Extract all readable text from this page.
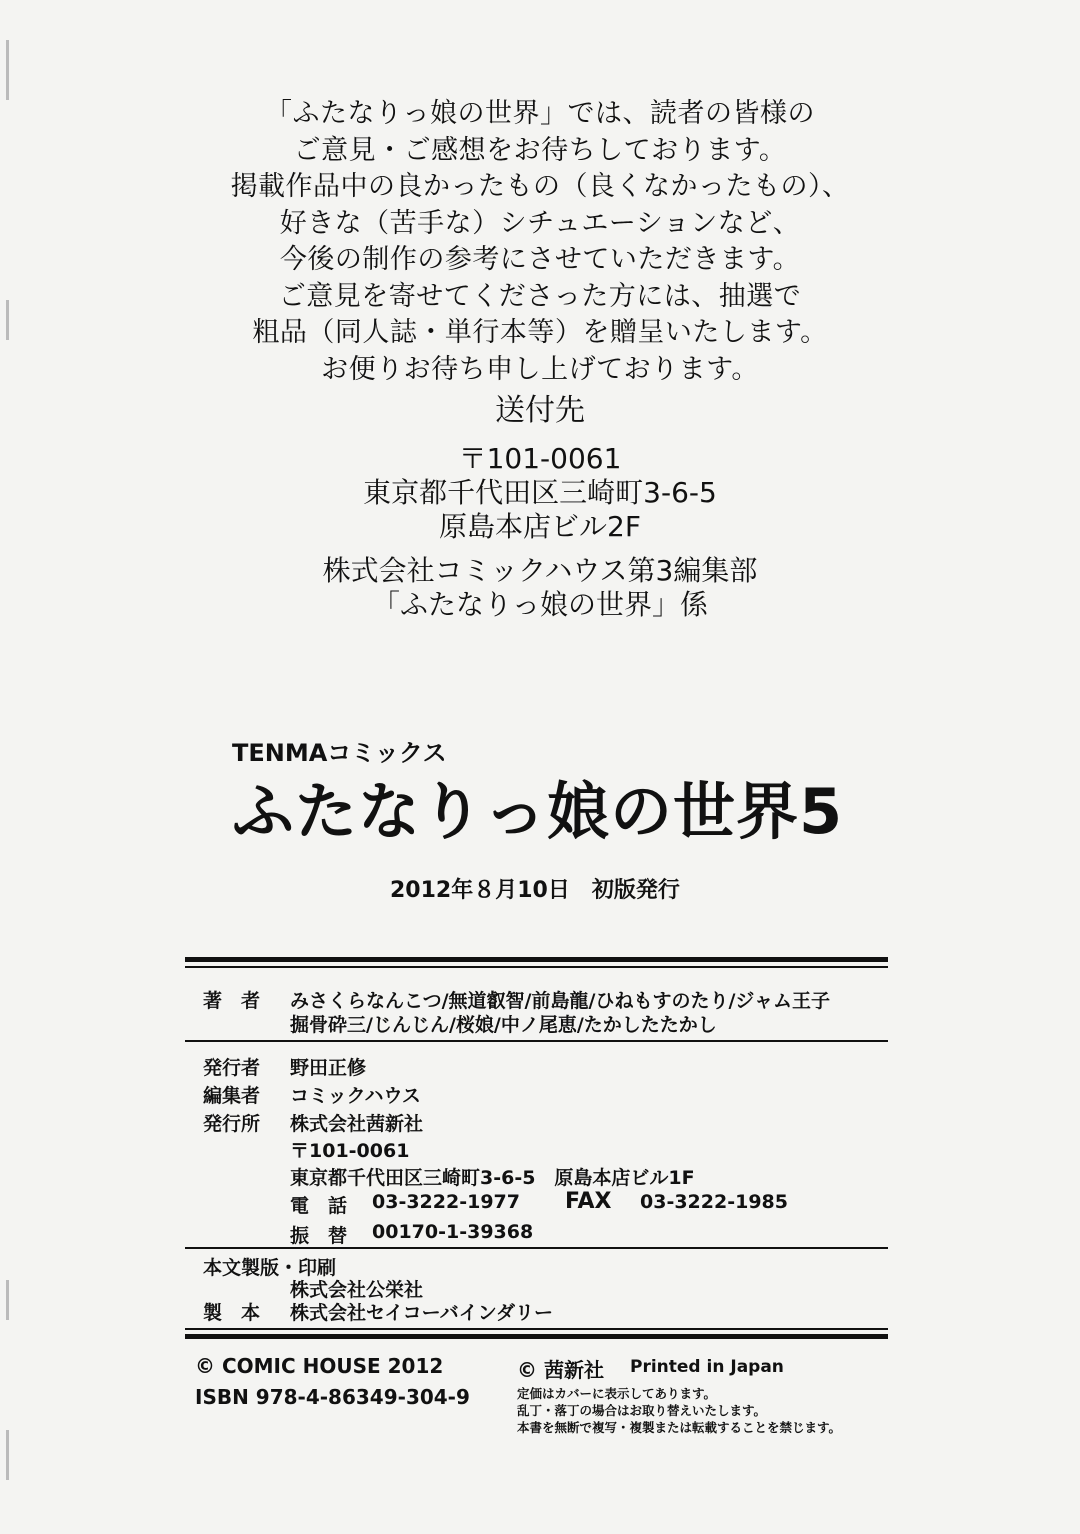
「ふたなりっ娘の世界」では、読者の皆様の
ご意見・ご感想をお待ちしております。
掲載作品中の良かったもの（良くなかったもの）、
好きな（苦手な）シチュエーションなど、
今後の制作の参考にさせていただきます。
ご意見を寄せてくださった方には、抽選で
粗品（同人誌・単行本等）を贈呈いたします。
お便りお待ち申し上げております。
送付先
〒101-0061
東京都千代田区三崎町3-6-5
原島本店ビル2F
株式会社コミックハウス第3編集部
「ふたなりっ娘の世界」係
TENMAコミックス
ふたなりっ娘の世界5
2012年８月10日　初版発行
著　者 みさくらなんこつ/無道叡智/前島龍/ひねもすのたり/ジャム王子
掘骨砕三/じんじん/桜娘/中ノ尾恵/たかしたたかし
発行者 野田正修
編集者 コミックハウス
発行所 株式会社茜新社
〒101-0061
東京都千代田区三崎町3-6-5　原島本店ビル1F
電　話 03-3222-1977 FAX 03-3222-1985
振　替 00170-1-39368
本文製版・印刷
株式会社公栄社
製　本 株式会社セイコーバインダリー
© COMIC HOUSE 2012	© 茜新社 Printed in Japan
ISBN 978-4-86349-304-9	定価はカバーに表示してあります。
乱丁・落丁の場合はお取り替えいたします。
本書を無断で複写・複製または転載することを禁じます。
